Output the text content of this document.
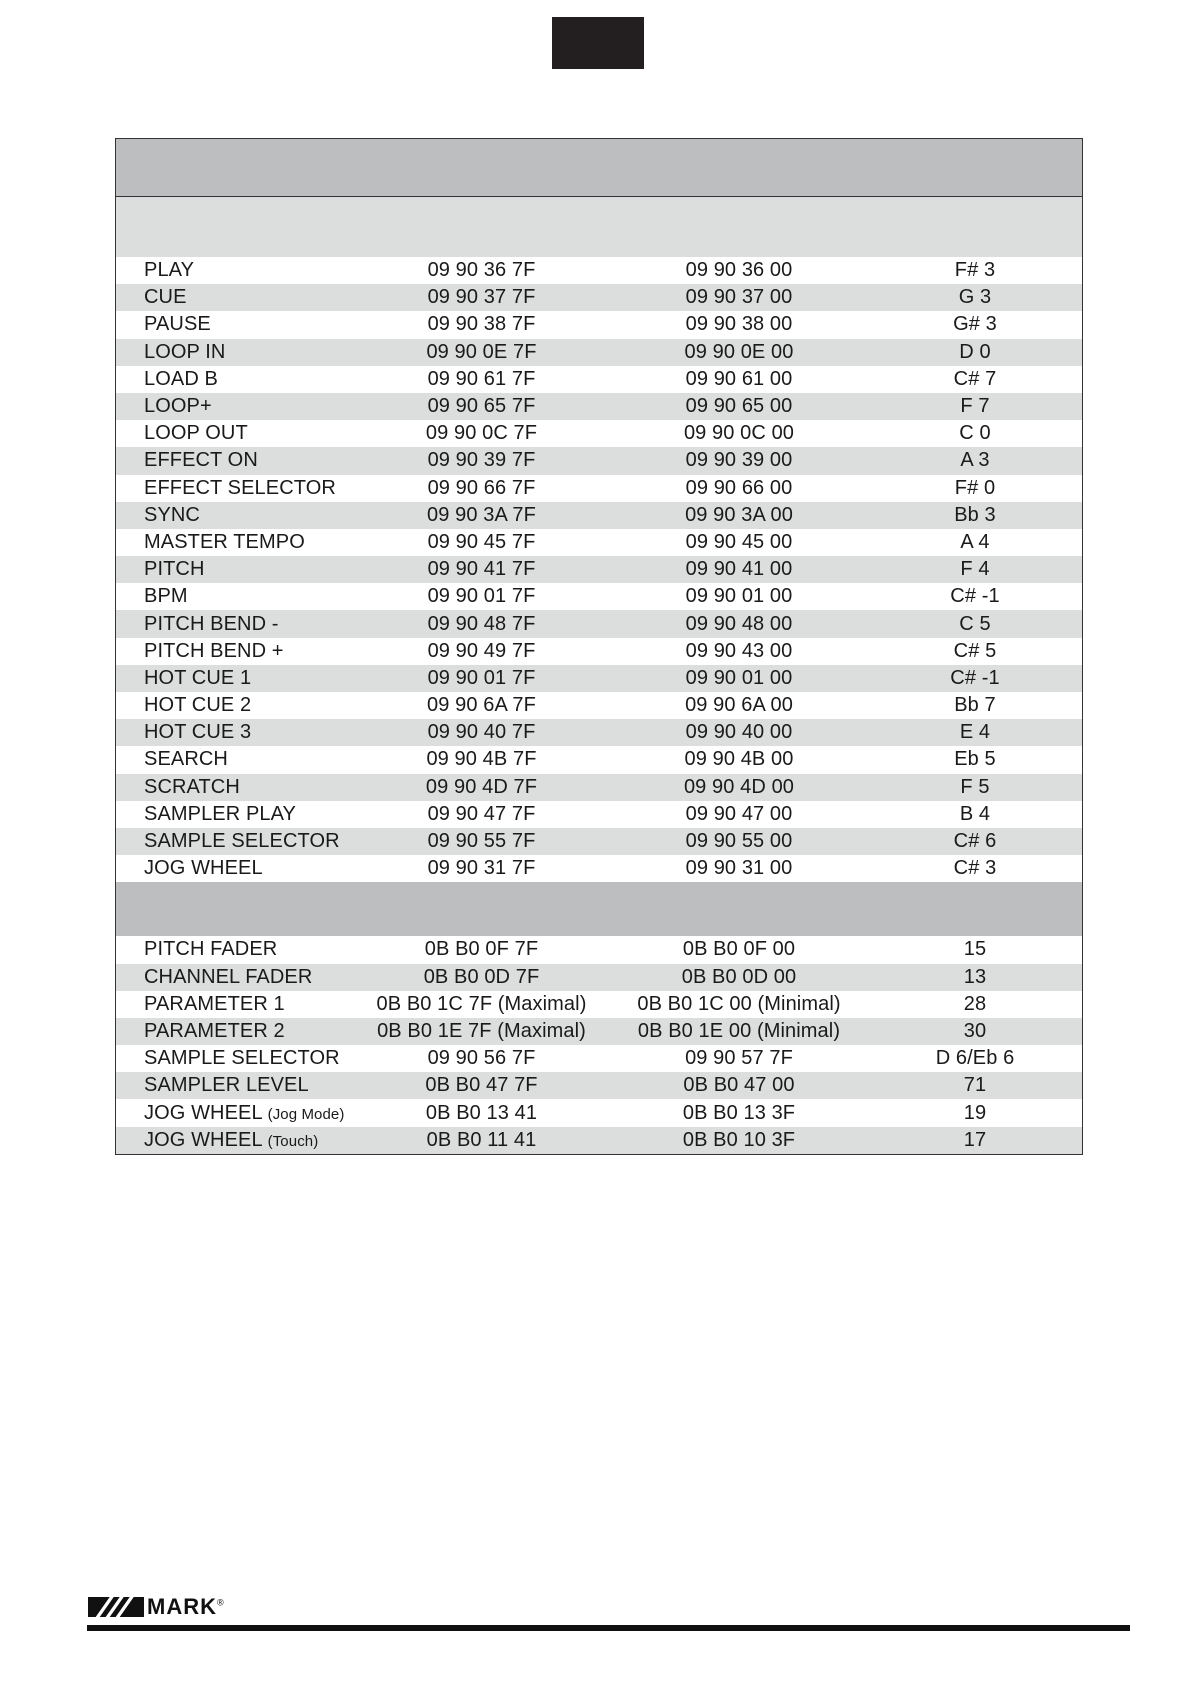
PLAY	09 90 36 7F	09 90 36 00	F# 3
CUE	09 90 37 7F	09 90 37 00	G 3
PAUSE	09 90 38 7F	09 90 38 00	G# 3
LOOP IN	09 90 0E 7F	09 90 0E 00	D 0
LOAD B	09 90 61 7F	09 90 61 00	C# 7
LOOP+	09 90 65 7F	09 90 65 00	F 7
LOOP OUT	09 90 0C 7F	09 90 0C 00	C 0
EFFECT ON	09 90 39 7F	09 90 39 00	A 3
EFFECT SELECTOR	09 90 66 7F	09 90 66 00	F# 0
SYNC	09 90 3A 7F	09 90 3A 00	Bb 3
MASTER TEMPO	09 90 45 7F	09 90 45 00	A 4
PITCH	09 90 41 7F	09 90 41 00	F 4
BPM	09 90 01 7F	09 90 01 00	C# -1
PITCH BEND -	09 90 48 7F	09 90 48 00	C 5
PITCH BEND +	09 90 49 7F	09 90 43 00	C# 5
HOT CUE 1	09 90 01 7F	09 90 01 00	C# -1
HOT CUE 2	09 90 6A 7F	09 90 6A 00	Bb 7
HOT CUE 3	09 90 40 7F	09 90 40 00	E 4
SEARCH	09 90 4B 7F	09 90 4B 00	Eb 5
SCRATCH	09 90 4D 7F	09 90 4D 00	F 5
SAMPLER PLAY	09 90 47 7F	09 90 47 00	B 4
SAMPLE SELECTOR	09 90 55 7F	09 90 55 00	C# 6
JOG WHEEL	09 90 31 7F	09 90 31 00	C# 3
PITCH FADER	0B B0 0F 7F	0B B0 0F 00	15
CHANNEL FADER	0B B0 0D 7F	0B B0 0D 00	13
PARAMETER 1	0B B0 1C 7F (Maximal)	0B B0 1C 00 (Minimal)	28
PARAMETER 2	0B B0 1E 7F (Maximal)	0B B0 1E 00 (Minimal)	30
SAMPLE SELECTOR	09 90 56 7F	09 90 57 7F	D 6/Eb 6
SAMPLER LEVEL	0B B0 47 7F	0B B0 47 00	71
JOG WHEEL (Jog Mode)	0B B0 13 41	0B B0 13 3F	19
JOG WHEEL (Touch)	0B B0 11 41	0B B0 10 3F	17
MARK®
